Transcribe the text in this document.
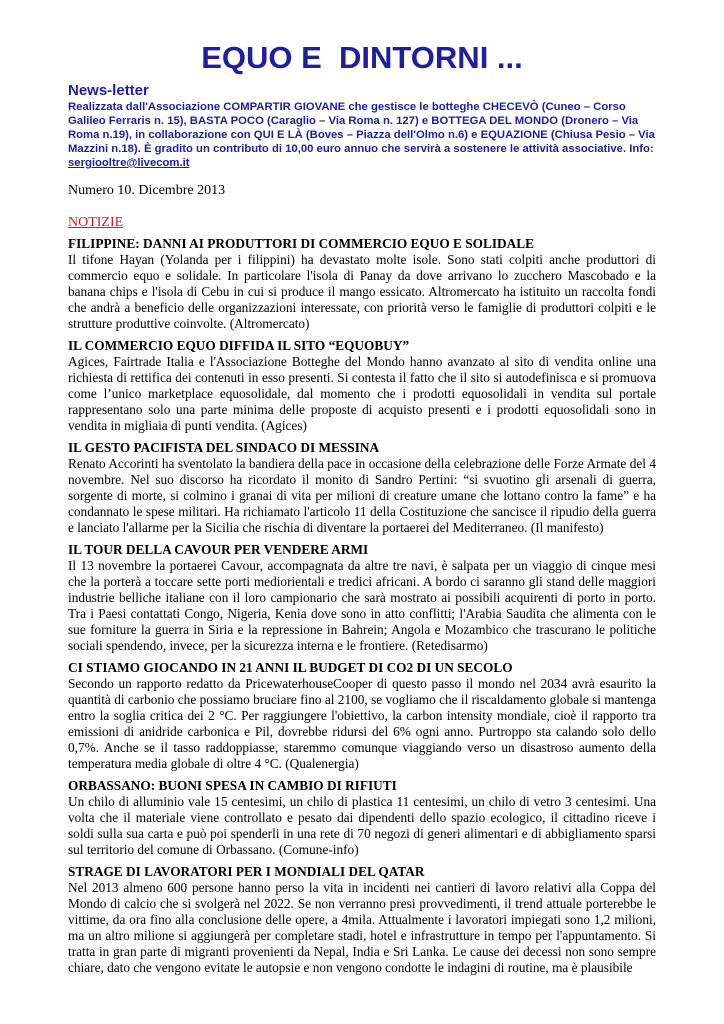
EQUO E DINTORNI ...
News-letter
Realizzata dall'Associazione COMPARTIR GIOVANE che gestisce le botteghe CHECEVÒ (Cuneo – Corso Galileo Ferraris n. 15), BASTA POCO (Caraglio – Via Roma n. 127) e BOTTEGA DEL MONDO (Dronero – Via Roma n.19), in collaborazione con QUI E LÀ (Boves – Piazza dell'Olmo n.6) e EQUAZIONE (Chiusa Pesio – Via Mazzini n.18). È gradito un contributo di 10,00 euro annuo che servirà a sostenere le attività associative. Info: sergiooltre@livecom.it
Numero 10. Dicembre 2013
NOTIZIE
FILIPPINE: DANNI AI PRODUTTORI DI COMMERCIO EQUO E SOLIDALE

Il tifone Hayan (Yolanda per i filippini) ha devastato molte isole. Sono stati colpiti anche produttori di commercio equo e solidale. In particolare l'isola di Panay da dove arrivano lo zucchero Mascobado e la banana chips e l'isola di Cebu in cui si produce il mango essicato. Altromercato ha istituito un raccolta fondi che andrà a beneficio delle organizzazioni interessate, con priorità verso le famiglie di produttori colpiti e le strutture produttive coinvolte. (Altromercato)

IL COMMERCIO EQUO DIFFIDA IL SITO “EQUOBUY”

Agices, Fairtrade Italia e l'Associazione Botteghe del Mondo hanno avanzato al sito di vendita online una richiesta di rettifica dei contenuti in esso presenti. Si contesta il fatto che il sito si autodefinisca e si promuova come l’unico marketplace equosolidale, dal momento che i prodotti equosolidali in vendita sul portale rappresentano solo una parte minima delle proposte di acquisto presenti e i prodotti equosolidali sono in vendita in migliaia di punti vendita. (Agices)

IL GESTO PACIFISTA DEL SINDACO DI MESSINA

Renato Accorinti ha sventolato la bandiera della pace in occasione della celebrazione delle Forze Armate del 4 novembre. Nel suo discorso ha ricordato il monito di Sandro Pertini: “si svuotino gli arsenali di guerra, sorgente di morte, si colmino i granai di vita per milioni di creature umane che lottano contro la fame” e ha condannato le spese militari. Ha richiamato l'articolo 11 della Costituzione che sancisce il ripudio della guerra e lanciato l'allarme per la Sicilia che rischia di diventare la portaerei del Mediterraneo. (Il manifesto)

IL TOUR DELLA CAVOUR PER VENDERE ARMI

Il 13 novembre la portaerei Cavour, accompagnata da altre tre navi, è salpata per un viaggio di cinque mesi che la porterà a toccare sette porti mediorientali e tredici africani. A bordo ci saranno gli stand delle maggiori industrie belliche italiane con il loro campionario che sarà mostrato ai possibili acquirenti di porto in porto. Tra i Paesi contattati Congo, Nigeria, Kenia dove sono in atto conflitti; l'Arabia Saudita che alimenta con le sue forniture la guerra in Siria e la repressione in Bahrein; Angola e Mozambico che trascurano le politiche sociali spendendo, invece, per la sicurezza interna e le frontiere. (Retedisarmo)

CI STIAMO GIOCANDO IN 21 ANNI IL BUDGET DI CO2 DI UN SECOLO

Secondo un rapporto redatto da PricewaterhouseCooper di questo passo il mondo nel 2034 avrà esaurito la quantità di carbonio che possiamo bruciare fino al 2100, se vogliamo che il riscaldamento globale si mantenga entro la soglia critica dei 2 °C. Per raggiungere l'obiettivo, la carbon intensity mondiale, cioè il rapporto tra emissioni di anidride carbonica e Pil, dovrebbe ridursi del 6% ogni anno. Purtroppo sta calando solo dello 0,7%. Anche se il tasso raddoppiasse, staremmo comunque viaggiando verso un disastroso aumento della temperatura media globale di oltre 4 °C. (Qualenergia)

ORBASSANO: BUONI SPESA IN CAMBIO DI RIFIUTI

Un chilo di alluminio vale 15 centesimi, un chilo di plastica 11 centesimi, un chilo di vetro 3 centesimi. Una volta che il materiale viene controllato e pesato dai dipendenti dello spazio ecologico, il cittadino riceve i soldi sulla sua carta e può poi spenderli in una rete di 70 negozi di generi alimentari e di abbigliamento sparsi sul territorio del comune di Orbassano. (Comune-info)

STRAGE DI LAVORATORI PER I MONDIALI DEL QATAR

Nel 2013 almeno 600 persone hanno perso la vita in incidenti nei cantieri di lavoro relativi alla Coppa del Mondo di calcio che si svolgerà nel 2022. Se non verranno presi provvedimenti, il trend attuale porterebbe le vittime, da ora fino alla conclusione delle opere, a 4mila. Attualmente i lavoratori impiegati sono 1,2 milioni, ma un altro milione si aggiungerà per completare stadi, hotel e infrastrutture in tempo per l'appuntamento. Si tratta in gran parte di migranti provenienti da Nepal, India e Sri Lanka. Le cause dei decessi non sono sempre chiare, dato che vengono evitate le autopsie e non vengono condotte le indagini di routine, ma è plausibile
